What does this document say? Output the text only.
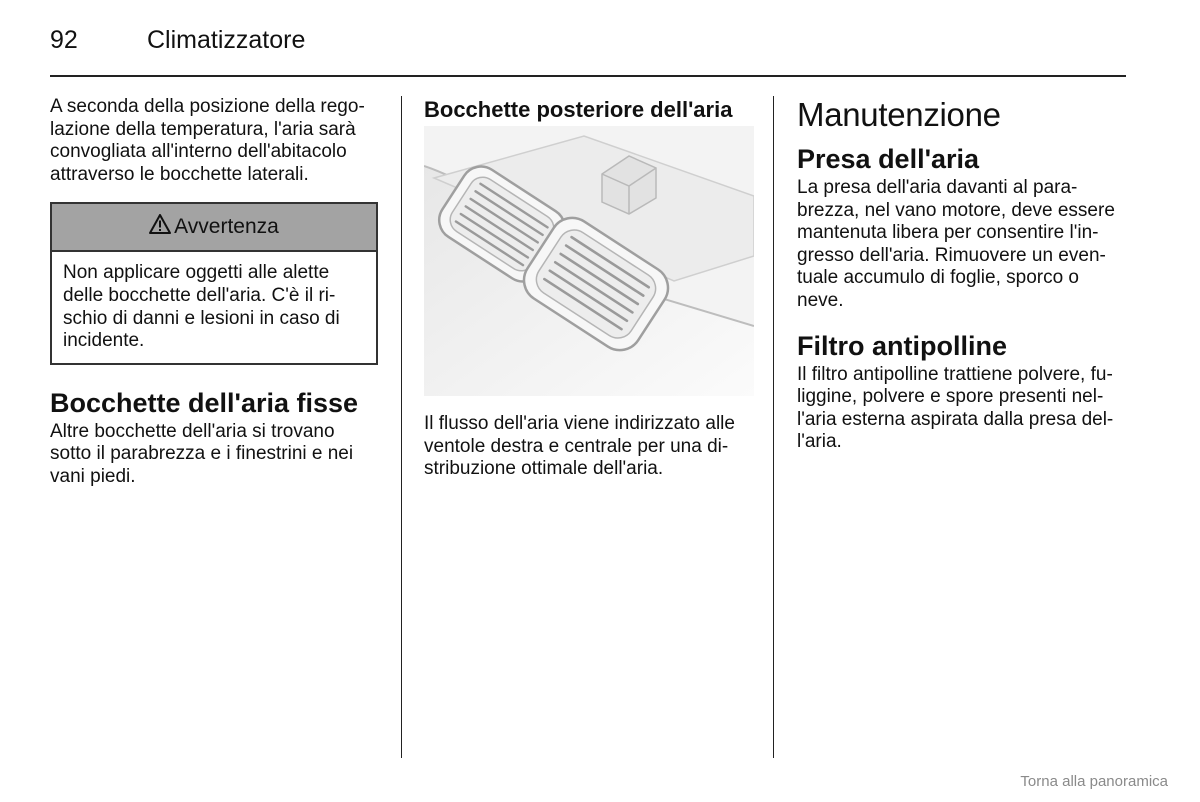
92	Climatizzatore

A seconda della posizione della rego-lazione della temperatura, l'aria sarà convogliata all'interno dell'abitacolo attraverso le bocchette laterali.

Avvertenza
Non applicare oggetti alle alette delle bocchette dell'aria. C'è il ri-schio di danni e lesioni in caso di incidente.
Bocchette dell'aria fisse

Altre bocchette dell'aria si trovano sotto il parabrezza e i finestrini e nei vani piedi.

Bocchette posteriore dell'aria

Il flusso dell'aria viene indirizzato alle ventole destra e centrale per una di-stribuzione ottimale dell'aria.

Manutenzione
Presa dell'aria

La presa dell'aria davanti al para-brezza, nel vano motore, deve essere mantenuta libera per consentire l'in-gresso dell'aria. Rimuovere un even-tuale accumulo di foglie, sporco o neve.

Filtro antipolline

Il filtro antipolline trattiene polvere, fu-liggine, polvere e spore presenti nel-l'aria esterna aspirata dalla presa del-l'aria.

Torna alla panoramica
